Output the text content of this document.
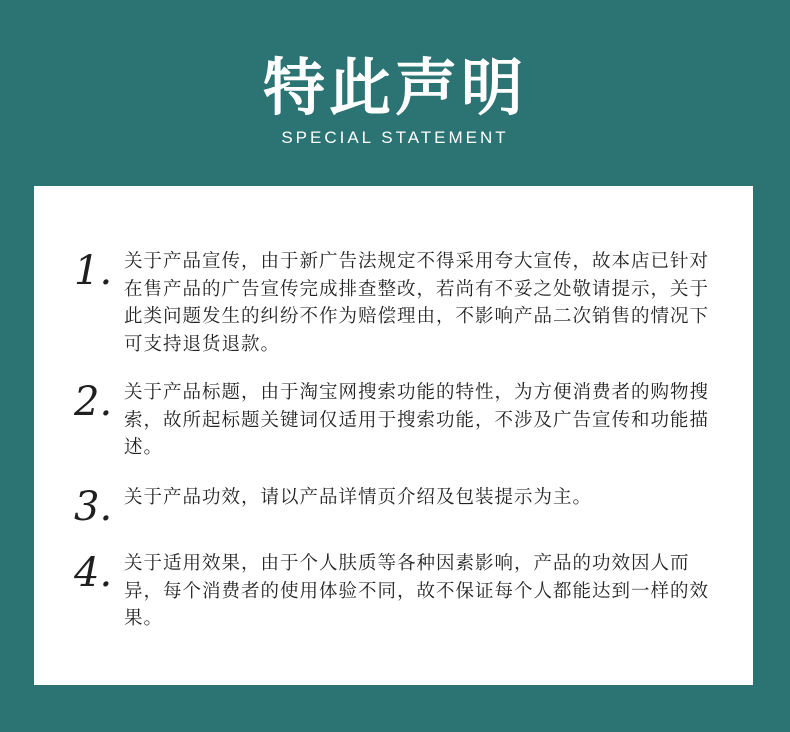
特此声明
SPECIAL STATEMENT
1. 关于产品宣传，由于新广告法规定不得采用夸大宣传，故本店已针对在售产品的广告宣传完成排查整改，若尚有不妥之处敬请提示，关于此类问题发生的纠纷不作为赔偿理由，不影响产品二次销售的情况下可支持退货退款。
2. 关于产品标题，由于淘宝网搜索功能的特性，为方便消费者的购物搜索，故所起标题关键词仅适用于搜索功能，不涉及广告宣传和功能描述。
3. 关于产品功效，请以产品详情页介绍及包装提示为主。
4. 关于适用效果，由于个人肤质等各种因素影响，产品的功效因人而异，每个消费者的使用体验不同，故不保证每个人都能达到一样的效果。
